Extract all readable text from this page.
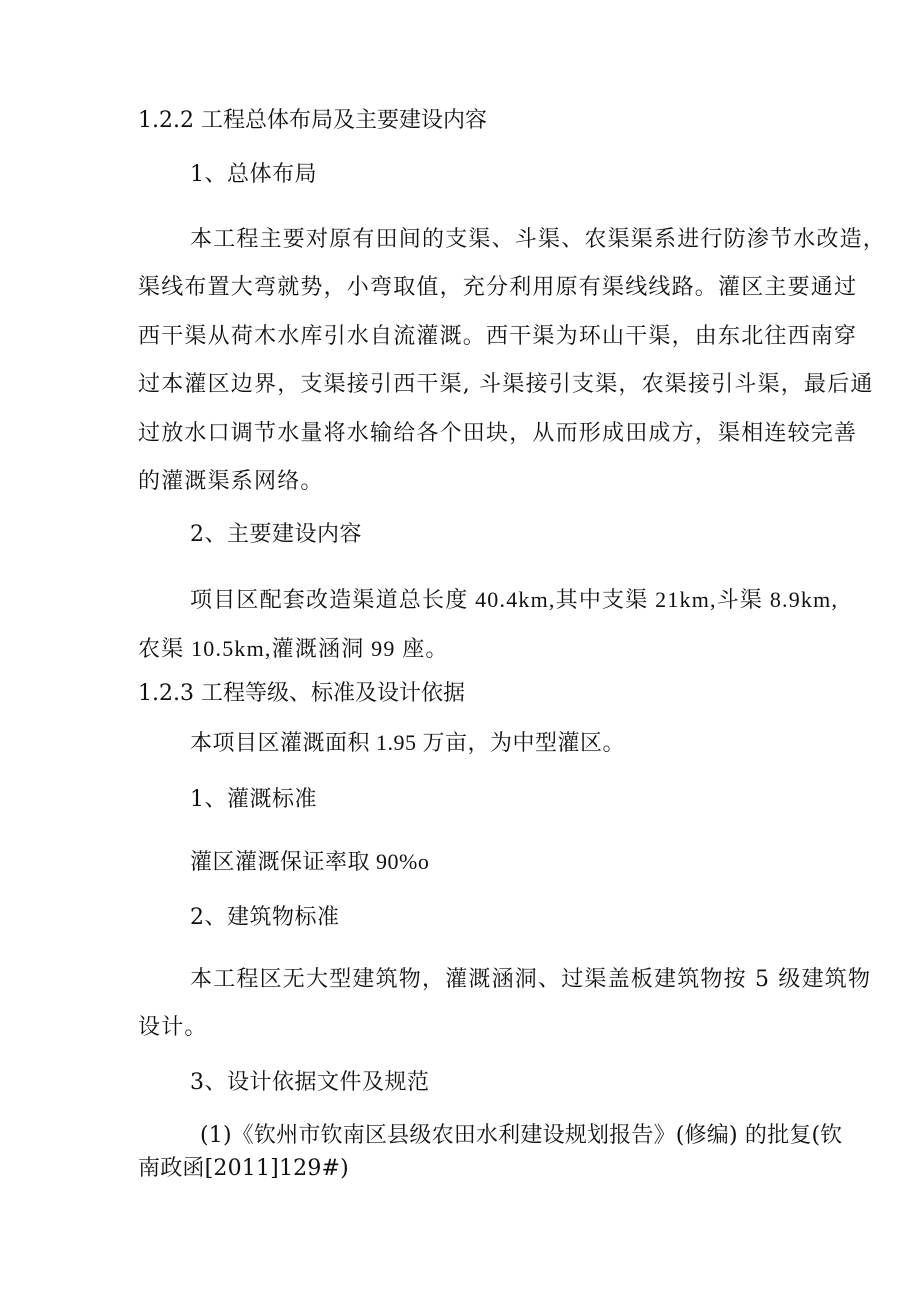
1.2.2 工程总体布局及主要建设内容
1、总体布局
本工程主要对原有田间的支渠、斗渠、农渠渠系进行防渗节水改造，
渠线布置大弯就势，小弯取值，充分利用原有渠线线路。灌区主要通过
西干渠从荷木水库引水自流灌溉。西干渠为环山干渠，由东北往西南穿
过本灌区边界，支渠接引西干渠, 斗渠接引支渠，农渠接引斗渠，最后通
过放水口调节水量将水输给各个田块，从而形成田成方，渠相连较完善
的灌溉渠系网络。
2、主要建设内容
项目区配套改造渠道总长度 40.4km,其中支渠 21km,斗渠 8.9km,
农渠 10.5km,灌溉涵洞 99 座。
1.2.3 工程等级、标准及设计依据
本项目区灌溉面积 1.95 万亩，为中型灌区。
1、灌溉标准
灌区灌溉保证率取 90%o
2、建筑物标准
本工程区无大型建筑物，灌溉涵洞、过渠盖板建筑物按 5 级建筑物
设计。
3、设计依据文件及规范
(1)《钦州市钦南区县级农田水利建设规划报告》(修编) 的批复(钦
南政函[2011]129#)
